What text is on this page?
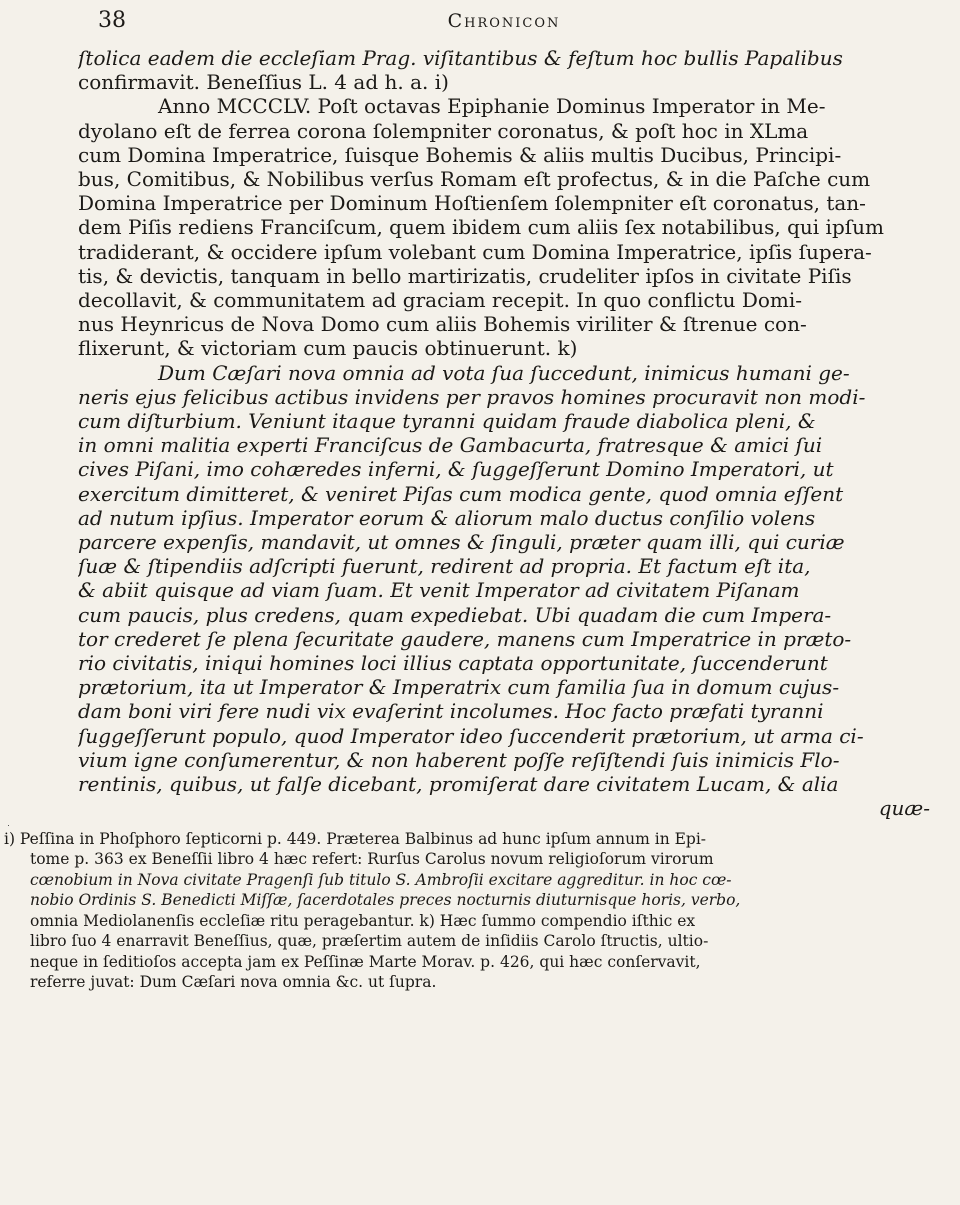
38	Chronicon
ſtolica eadem die eccleſiam Prag. viſitantibus & feſtum hoc bullis Papalibus
confirmavit. Beneſſius L. 4 ad h. a. i)
Anno MCCCLV. Poſt octavas Epiphanie Dominus Imperator in Me-
dyolano eſt de ferrea corona ſolempniter coronatus, & poſt hoc in XLma
cum Domina Imperatrice, ſuisque Bohemis & aliis multis Ducibus, Principi-
bus, Comitibus, & Nobilibus verſus Romam eſt profectus, & in die Paſche cum
Domina Imperatrice per Dominum Hoſtienſem ſolempniter eſt coronatus, tan-
dem Piſis rediens Franciſcum, quem ibidem cum aliis ſex notabilibus, qui ipſum
tradiderant, & occidere ipſum volebant cum Domina Imperatrice, ipſis ſupera-
tis, & devictis, tanquam in bello martirizatis, crudeliter ipſos in civitate Piſis
decollavit, & communitatem ad graciam recepit. In quo conflictu Domi-
nus Heynricus de Nova Domo cum aliis Bohemis viriliter & ſtrenue con-
flixerunt, & victoriam cum paucis obtinuerunt. k)
Dum Cæſari nova omnia ad vota ſua ſuccedunt, inimicus humani ge-
neris ejus felicibus actibus invidens per pravos homines procuravit non modi-
cum diſturbium. Veniunt itaque tyranni quidam fraude diabolica pleni, &
in omni malitia experti Franciſcus de Gambacurta, fratresque & amici ſui
cives Piſani, imo cohæredes inferni, & ſuggeſſerunt Domino Imperatori, ut
exercitum dimitteret, & veniret Piſas cum modica gente, quod omnia eſſent
ad nutum ipſius. Imperator eorum & aliorum malo ductus conſilio volens
parcere expenſis, mandavit, ut omnes & ſinguli, præter quam illi, qui curiæ
ſuæ & ſtipendiis adſcripti fuerunt, redirent ad propria. Et factum eſt ita,
& abiit quisque ad viam ſuam. Et venit Imperator ad civitatem Piſanam
cum paucis, plus credens, quam expediebat. Ubi quadam die cum Impera-
tor crederet ſe plena ſecuritate gaudere, manens cum Imperatrice in præto-
rio civitatis, iniqui homines loci illius captata opportunitate, ſuccenderunt
prætorium, ita ut Imperator & Imperatrix cum familia ſua in domum cujus-
dam boni viri fere nudi vix evaſerint incolumes. Hoc facto præfati tyranni
ſuggeſſerunt populo, quod Imperator ideo ſuccenderit prætorium, ut arma ci-
vium igne conſumerentur, & non haberent poſſe reſiſtendi ſuis inimicis Flo-
rentinis, quibus, ut falſe dicebant, promiſerat dare civitatem Lucam, & alia
quæ-
i) Peſſina in Phoſphoro ſepticorni p. 449. Præterea Balbinus ad hunc ipſum annum in Epi-
tome p. 363 ex Beneſſii libro 4 hæc refert: Rurſus Carolus novum religioſorum virorum
cœnobium in Nova civitate Pragenſi ſub titulo S. Ambroſii excitare aggreditur. in hoc cœ-
nobio Ordinis S. Benedicti Miſſæ, ſacerdotales preces nocturnis diuturnisque horis, verbo,
omnia Mediolanenſis eccleſiæ ritu peragebantur. k) Hæc ſummo compendio iſthic ex
libro ſuo 4 enarravit Beneſſius, quæ, præſertim autem de inſidiis Carolo ſtructis, ultio-
neque in ſeditioſos accepta jam ex Peſſinæ Marte Morav. p. 426, qui hæc conſervavit,
referre juvat: Dum Cæſari nova omnia &c. ut ſupra.
